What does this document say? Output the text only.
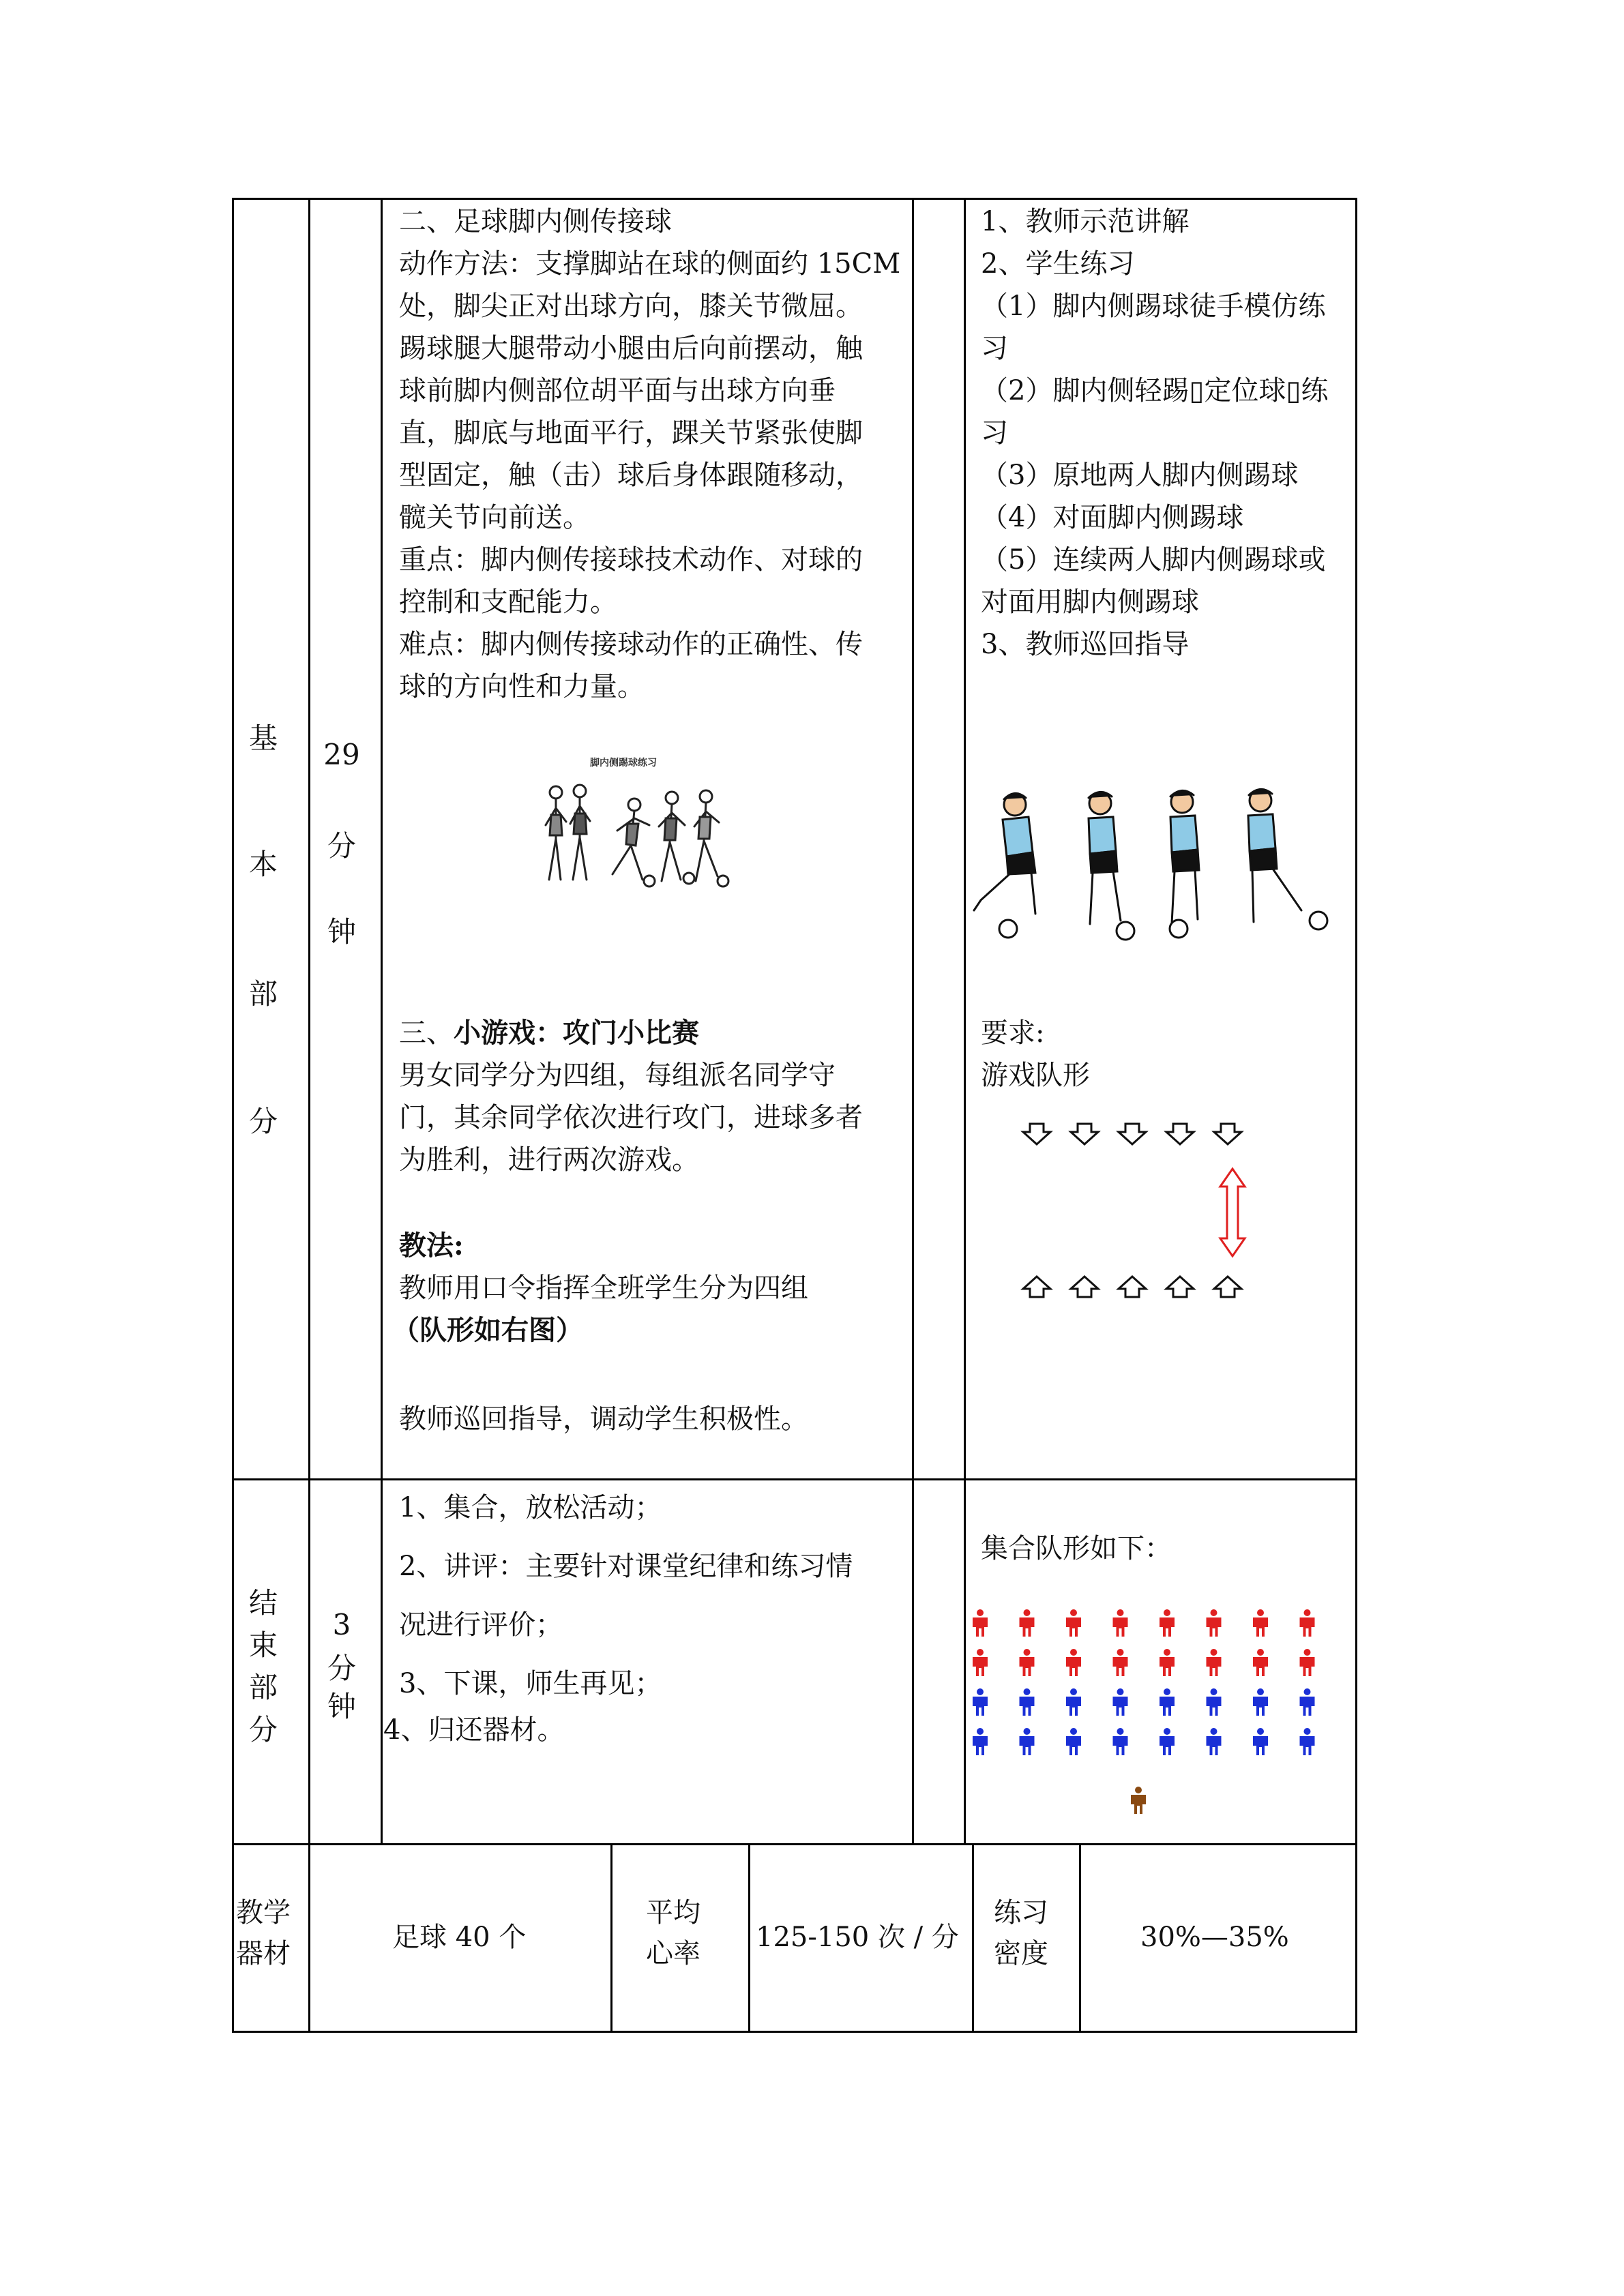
基
本
部
分
29
分
钟
二、足球脚内侧传接球
动作方法：支撑脚站在球的侧面约 15CM
处，脚尖正对出球方向，膝关节微屈。
踢球腿大腿带动小腿由后向前摆动，触
球前脚内侧部位胡平面与出球方向垂
直，脚底与地面平行，踝关节紧张使脚
型固定，触（击）球后身体跟随移动，
髋关节向前送。
重点：脚内侧传接球技术动作、对球的
控制和支配能力。
难点：脚内侧传接球动作的正确性、传
球的方向性和力量。
脚内侧踢球练习
三、小游戏：攻门小比赛
男女同学分为四组，每组派名同学守
门，其余同学依次进行攻门，进球多者
为胜利，进行两次游戏。
教法:
教师用口令指挥全班学生分为四组
（队形如右图）
教师巡回指导，调动学生积极性。
1、教师示范讲解
2、学生练习
（1）脚内侧踢球徒手模仿练
习
（2）脚内侧轻踢▯定位球▯练
习
（3）原地两人脚内侧踢球
（4）对面脚内侧踢球
（5）连续两人脚内侧踢球或
对面用脚内侧踢球
3、教师巡回指导
要求:
游戏队形
结
束
部
分
3
分
钟
1、集合，放松活动；
2、讲评：主要针对课堂纪律和练习情
况进行评价；
3、下课，师生再见；
4、归还器材。
集合队形如下：
教学
器材
足球 40 个
平均
心率
125-150 次 / 分
练习
密度
30%—35%
